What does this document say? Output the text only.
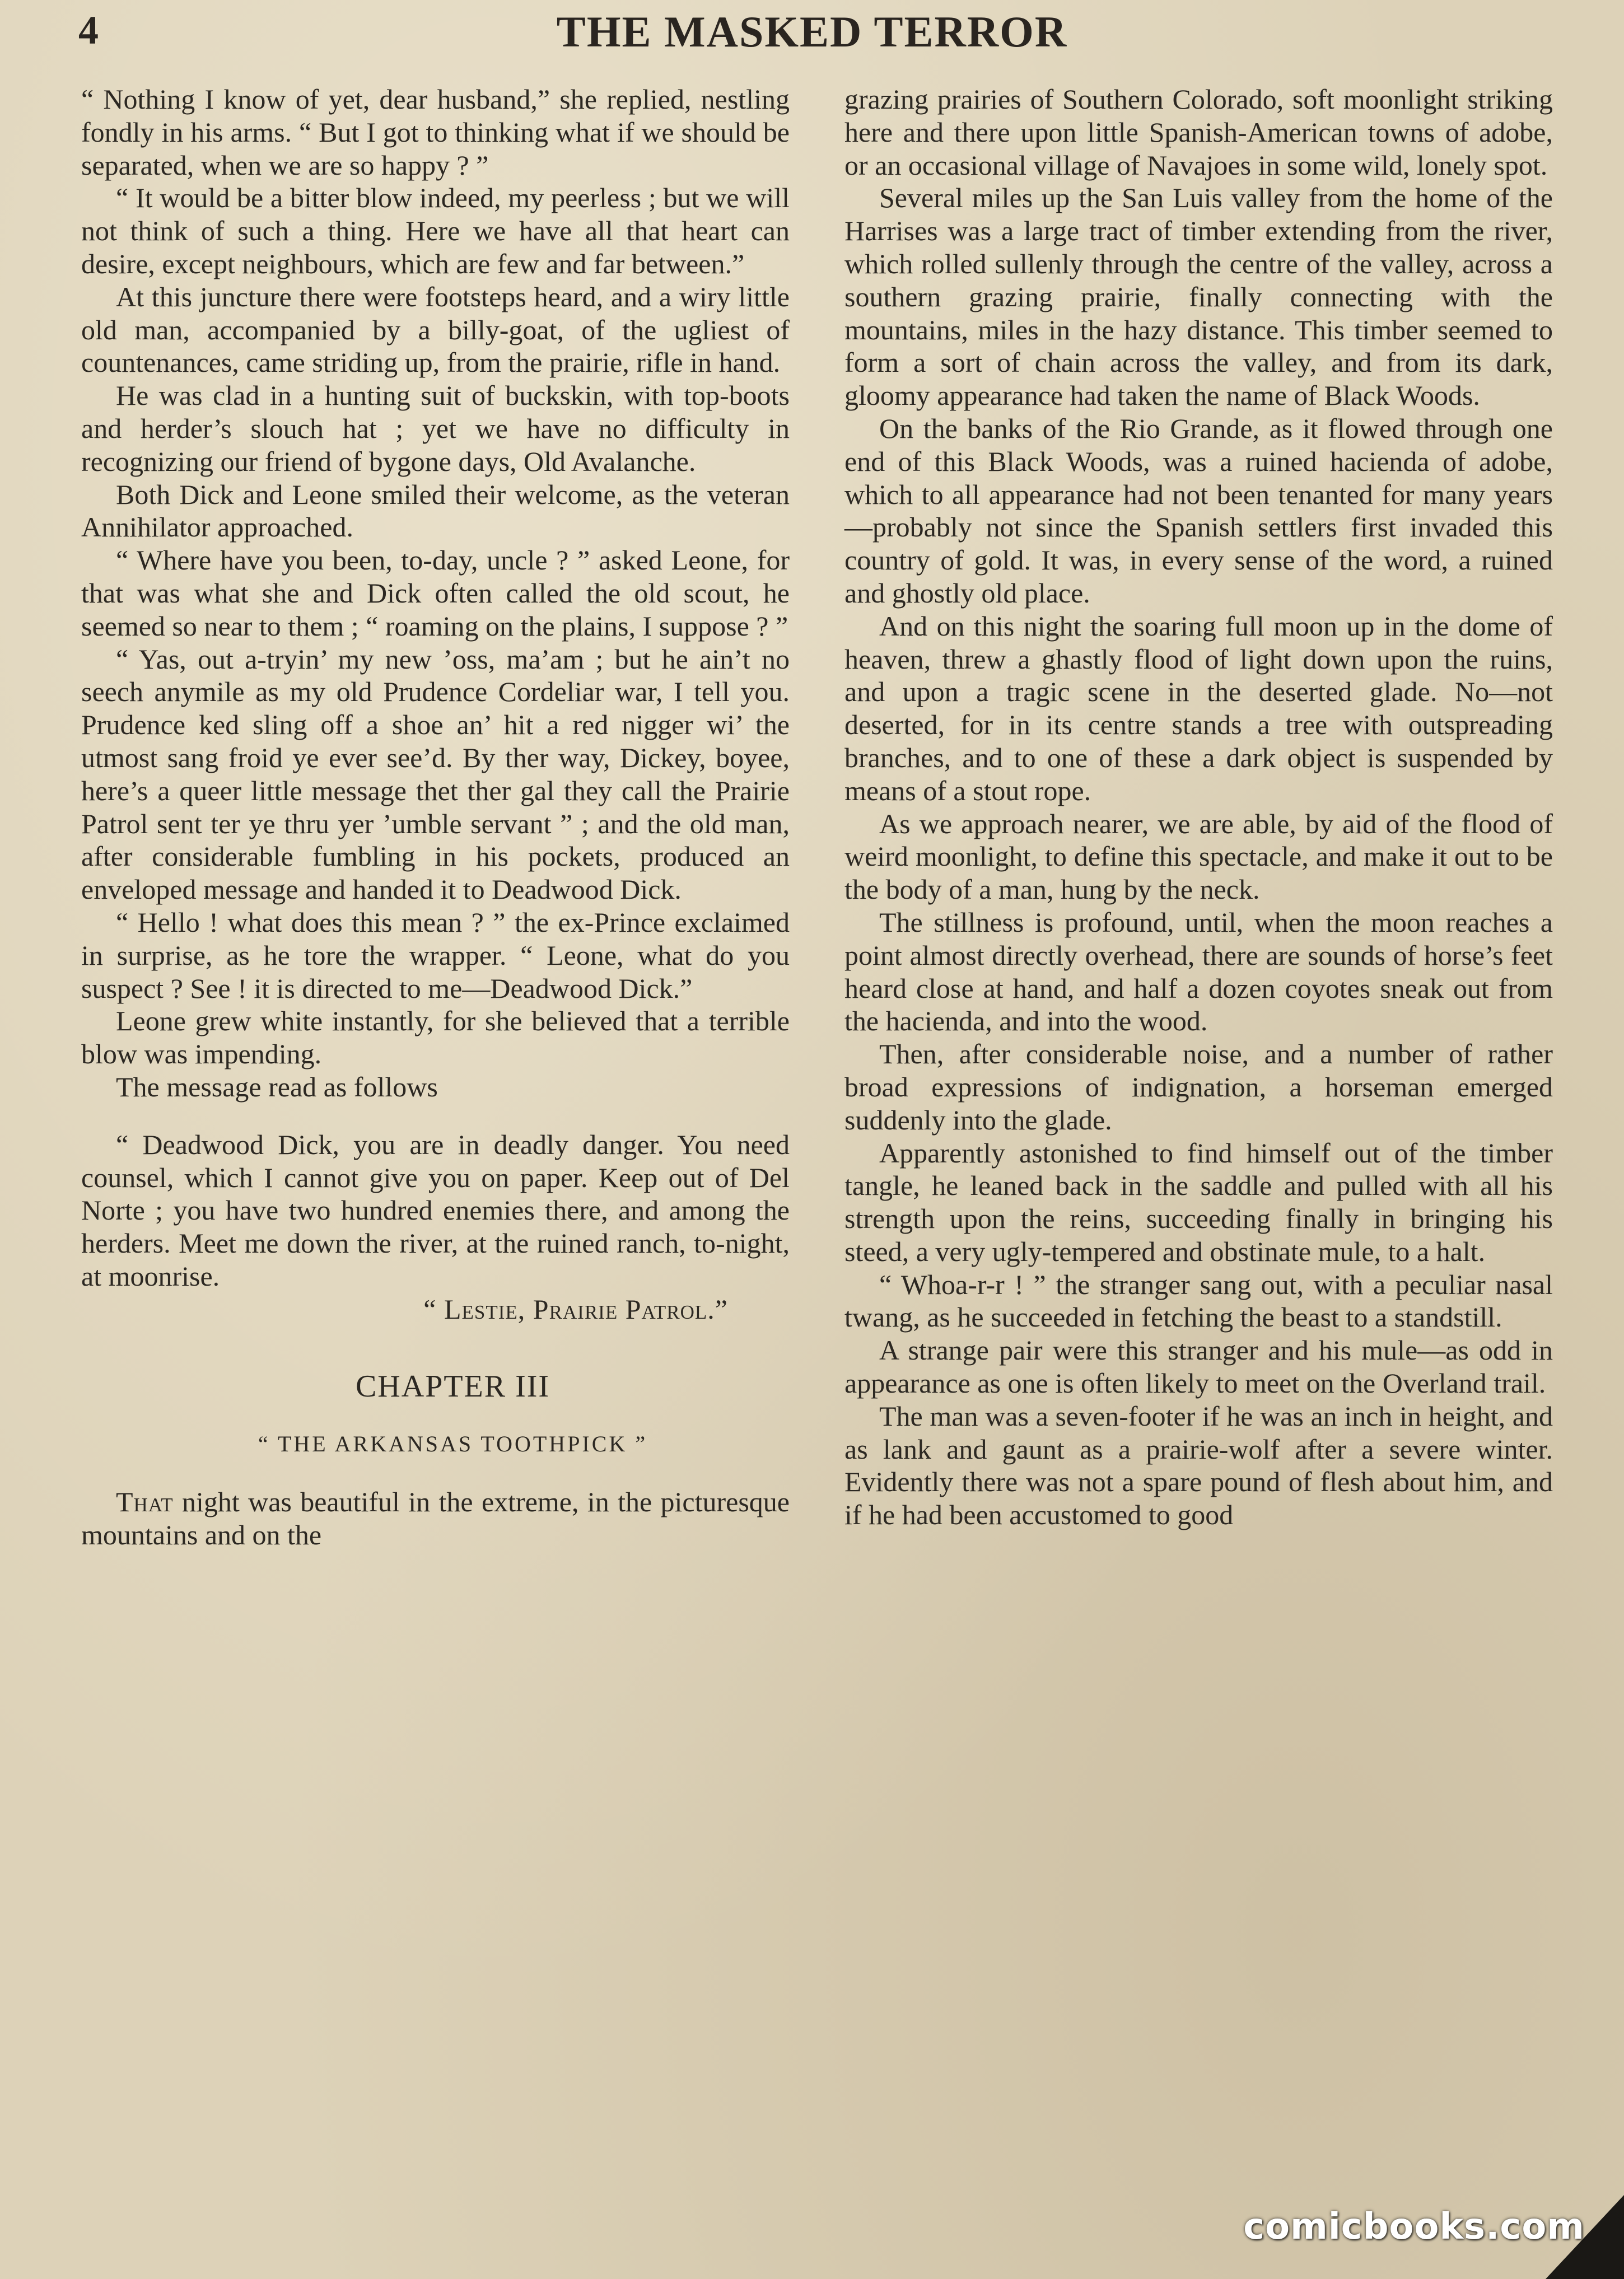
4	THE MASKED TERROR

“ Nothing I know of yet, dear husband,” she replied, nestling fondly in his arms. “ But I got to thinking what if we should be separated, when we are so happy ? ”

“ It would be a bitter blow indeed, my peerless ; but we will not think of such a thing. Here we have all that heart can desire, except neighbours, which are few and far between.”

At this juncture there were footsteps heard, and a wiry little old man, accompanied by a billy-goat, of the ugliest of countenances, came striding up, from the prairie, rifle in hand.

He was clad in a hunting suit of buckskin, with top-boots and herder’s slouch hat ; yet we have no difficulty in recognizing our friend of bygone days, Old Avalanche.

Both Dick and Leone smiled their welcome, as the veteran Annihilator approached.

“ Where have you been, to-day, uncle ? ” asked Leone, for that was what she and Dick often called the old scout, he seemed so near to them ; “ roaming on the plains, I suppose ? ”

“ Yas, out a-tryin’ my new ’oss, ma’am ; but he ain’t no seech anymile as my old Prudence Cordeliar war, I tell you. Prudence ked sling off a shoe an’ hit a red nigger wi’ the utmost sang froid ye ever see’d. By ther way, Dickey, boyee, here’s a queer little message thet ther gal they call the Prairie Patrol sent ter ye thru yer ’umble servant ” ; and the old man, after considerable fumbling in his pockets, produced an enveloped message and handed it to Deadwood Dick.

“ Hello ! what does this mean ? ” the ex-Prince exclaimed in surprise, as he tore the wrapper. “ Leone, what do you suspect ? See ! it is directed to me—Deadwood Dick.”

Leone grew white instantly, for she believed that a terrible blow was impending.

The message read as follows

“ Deadwood Dick, you are in deadly danger. You need counsel, which I cannot give you on paper. Keep out of Del Norte ; you have two hundred enemies there, and among the herders. Meet me down the river, at the ruined ranch, to-night, at moonrise.

“ Lestie, Prairie Patrol.”

CHAPTER III

“ THE ARKANSAS TOOTHPICK ”

That night was beautiful in the extreme, in the picturesque mountains and on the

grazing prairies of Southern Colorado, soft moonlight striking here and there upon little Spanish-American towns of adobe, or an occasional village of Navajoes in some wild, lonely spot.

Several miles up the San Luis valley from the home of the Harrises was a large tract of timber extending from the river, which rolled sullenly through the centre of the valley, across a southern grazing prairie, finally connecting with the mountains, miles in the hazy distance. This timber seemed to form a sort of chain across the valley, and from its dark, gloomy appearance had taken the name of Black Woods.

On the banks of the Rio Grande, as it flowed through one end of this Black Woods, was a ruined hacienda of adobe, which to all appearance had not been tenanted for many years—probably not since the Spanish settlers first invaded this country of gold. It was, in every sense of the word, a ruined and ghostly old place.

And on this night the soaring full moon up in the dome of heaven, threw a ghastly flood of light down upon the ruins, and upon a tragic scene in the deserted glade. No—not deserted, for in its centre stands a tree with outspreading branches, and to one of these a dark object is suspended by means of a stout rope.

As we approach nearer, we are able, by aid of the flood of weird moonlight, to define this spectacle, and make it out to be the body of a man, hung by the neck.

The stillness is profound, until, when the moon reaches a point almost directly overhead, there are sounds of horse’s feet heard close at hand, and half a dozen coyotes sneak out from the hacienda, and into the wood.

Then, after considerable noise, and a number of rather broad expressions of indignation, a horseman emerged suddenly into the glade.

Apparently astonished to find himself out of the timber tangle, he leaned back in the saddle and pulled with all his strength upon the reins, succeeding finally in bringing his steed, a very ugly-tempered and obstinate mule, to a halt.

“ Whoa-r-r ! ” the stranger sang out, with a peculiar nasal twang, as he succeeded in fetching the beast to a standstill.

A strange pair were this stranger and his mule—as odd in appearance as one is often likely to meet on the Overland trail.

The man was a seven-footer if he was an inch in height, and as lank and gaunt as a prairie-wolf after a severe winter. Evidently there was not a spare pound of flesh about him, and if he had been accustomed to good

comicbooks.com
